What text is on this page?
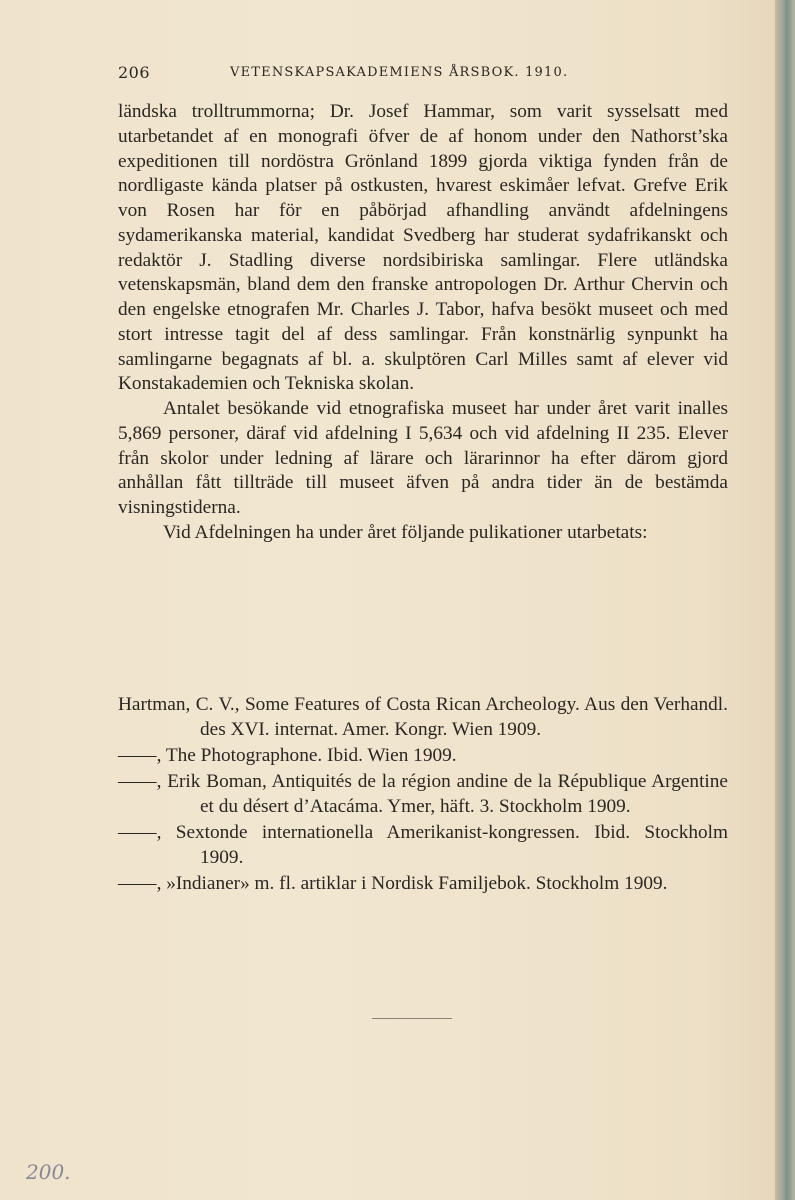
206	VETENSKAPSAKADEMIENS ÅRSBOK. 1910.

ländska trolltrummorna; Dr. Josef Hammar, som varit sysselsatt med utarbetandet af en monografi öfver de af honom under den Nathorst’ska expeditionen till nordöstra Grönland 1899 gjorda viktiga fynden från de nordligaste kända platser på ostkusten, hvarest eskimåer lefvat. Grefve Erik von Rosen har för en påbörjad afhandling användt afdelningens sydamerikanska material, kandidat Svedberg har studerat sydafrikanskt och redaktör J. Stadling diverse nordsibiriska samlingar. Flere utländska vetenskapsmän, bland dem den franske antropologen Dr. Arthur Chervin och den engelske etnografen Mr. Charles J. Tabor, hafva besökt museet och med stort intresse tagit del af dess samlingar. Från konstnärlig synpunkt ha samlingarne begagnats af bl. a. skulptören Carl Milles samt af elever vid Konstakademien och Tekniska skolan.

Antalet besökande vid etnografiska museet har under året varit inalles 5,869 personer, däraf vid afdelning I 5,634 och vid afdelning II 235. Elever från skolor under ledning af lärare och lärarinnor ha efter därom gjord anhållan fått tillträde till museet äfven på andra tider än de bestämda visningstiderna.

Vid Afdelningen ha under året följande pulikationer utarbetats:

Hartman, C. V., Some Features of Costa Rican Archeology. Aus den Verhandl. des XVI. internat. Amer. Kongr. Wien 1909.

——, The Photographone. Ibid. Wien 1909.

——, Erik Boman, Antiquités de la région andine de la République Argentine et du désert d’Atacáma. Ymer, häft. 3. Stockholm 1909.

——, Sextonde internationella Amerikanist-kongressen. Ibid. Stockholm 1909.

——, »Indianer» m. fl. artiklar i Nordisk Familjebok. Stockholm 1909.

200.
